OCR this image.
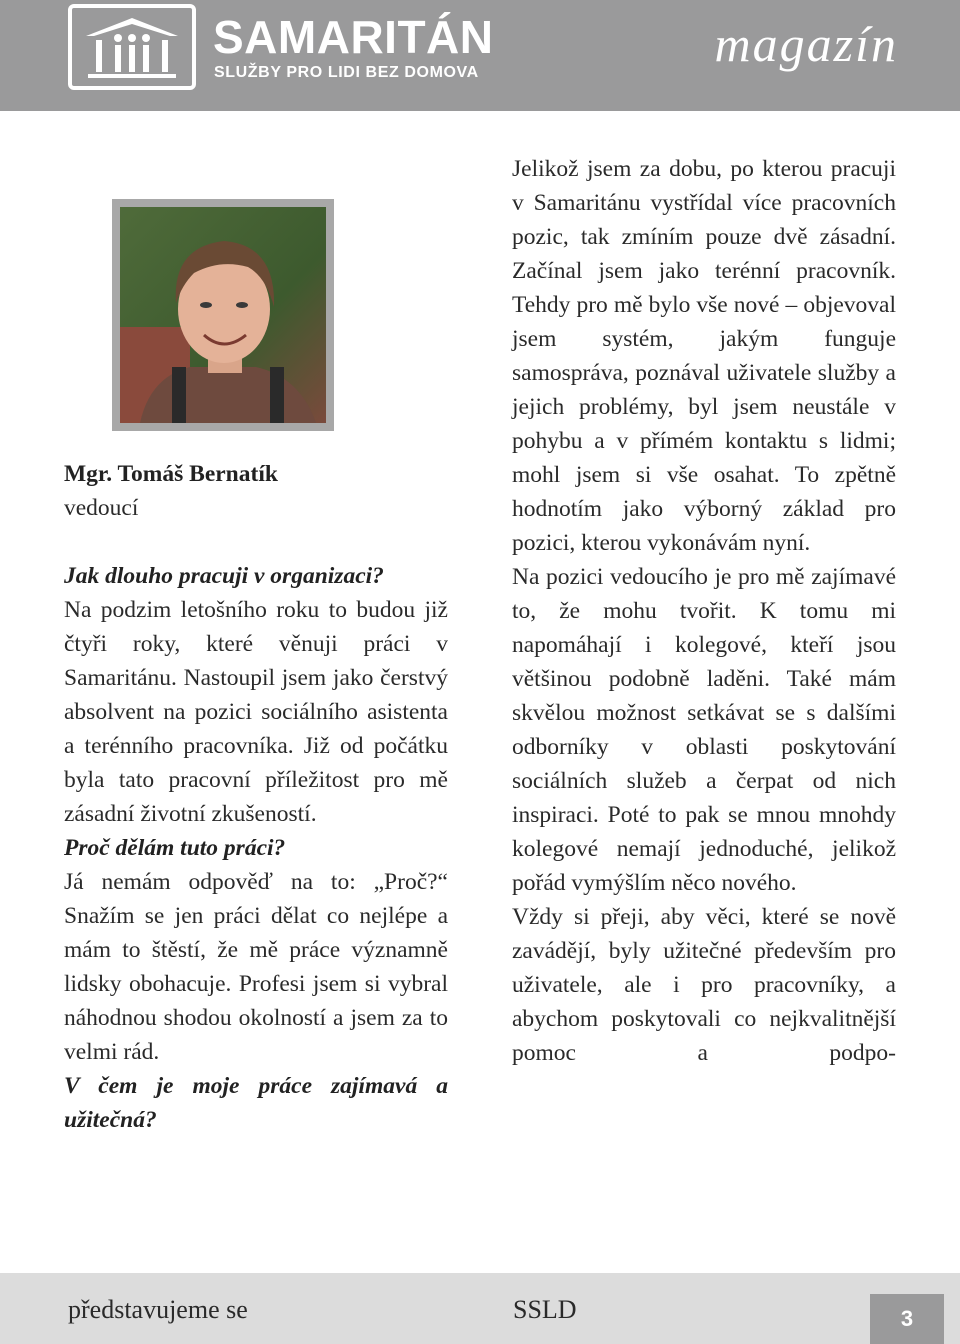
SAMARITÁN
SLUŽBY PRO LIDI BEZ DOMOVA
magazín

Mgr. Tomáš Bernatík

vedoucí

Jak dlouho pracuji v organizaci?

Na podzim letošního roku to budou již čtyři roky, které věnuji práci v Samaritánu. Nastoupil jsem jako čerstvý absolvent na pozici sociálního asistenta a terénního pracovníka. Již od počátku byla tato pracovní příležitost pro mě zásadní životní zkušeností.

Proč dělám tuto práci?

Já nemám odpověď na to: „Proč?“ Snažím se jen práci dělat co nejlépe a mám to štěstí, že mě práce významně lidsky obohacuje. Profesi jsem si vybral náhodnou shodou okolností a jsem za to velmi rád.

V čem je moje práce zajímavá a užitečná?

Jelikož jsem za dobu, po kterou pracuji v Samaritánu vystřídal více pracovních pozic, tak zmíním pouze dvě zásadní. Začínal jsem jako terénní pracovník. Tehdy pro mě bylo vše nové – objevoval jsem systém, jakým funguje samospráva, poznával uživatele služby a jejich problémy, byl jsem neustále v pohybu a v přímém kontaktu s lidmi; mohl jsem si vše osahat. To zpětně hodnotím jako výborný základ pro pozici, kterou vykonávám nyní.

Na pozici vedoucího je pro mě zajímavé to, že mohu tvořit. K tomu mi napomáhají i kolegové, kteří jsou většinou podobně laděni. Také mám skvělou možnost setkávat se s dalšími odborníky v oblasti poskytování sociálních služeb a čerpat od nich inspiraci. Poté to pak se mnou mnohdy kolegové nemají jednoduché, jelikož pořád vymýšlím něco nového.

Vždy si přeji, aby věci, které se nově zavádějí, byly užitečné především pro uživatele, ale i pro pracovníky, a abychom poskytovali co nejkvalitnější pomoc a podpo-

představujeme se	SSLD	3
